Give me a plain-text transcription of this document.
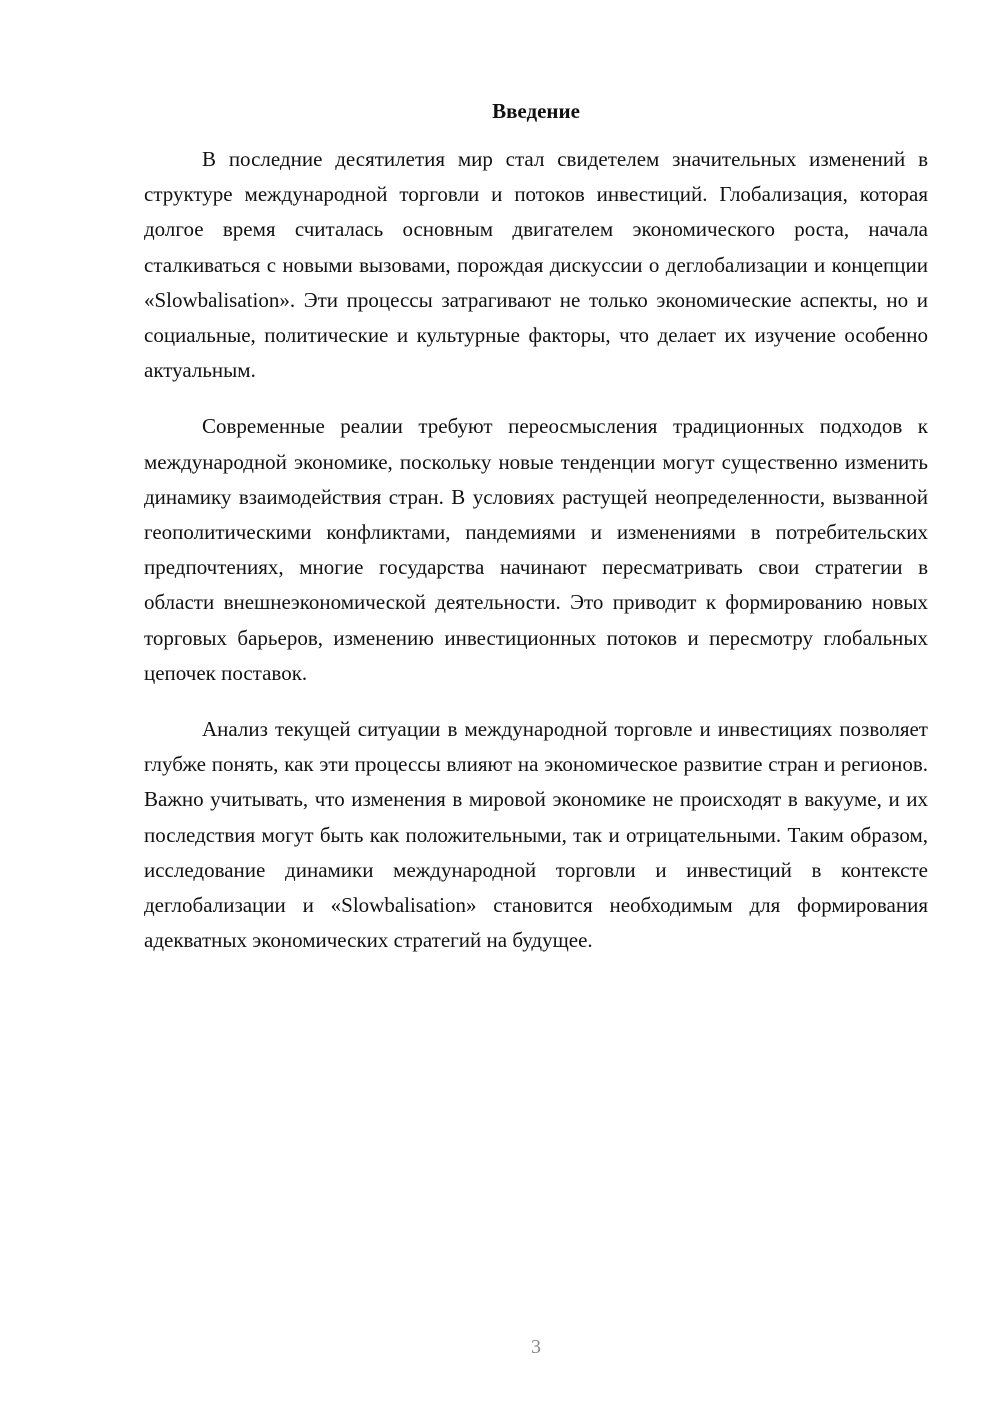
Введение

В последние десятилетия мир стал свидетелем значительных изменений в структуре международной торговли и потоков инвестиций. Глобализация, которая долгое время считалась основным двигателем экономического роста, начала сталкиваться с новыми вызовами, порождая дискуссии о деглобализации и концепции «Slowbalisation». Эти процессы затрагивают не только экономические аспекты, но и социальные, политические и культурные факторы, что делает их изучение особенно актуальным.

Современные реалии требуют переосмысления традиционных подходов к международной экономике, поскольку новые тенденции могут существенно изменить динамику взаимодействия стран. В условиях растущей неопределенности, вызванной геополитическими конфликтами, пандемиями и изменениями в потребительских предпочтениях, многие государства начинают пересматривать свои стратегии в области внешнеэкономической деятельности. Это приводит к формированию новых торговых барьеров, изменению инвестиционных потоков и пересмотру глобальных цепочек поставок.

Анализ текущей ситуации в международной торговле и инвестициях позволяет глубже понять, как эти процессы влияют на экономическое развитие стран и регионов. Важно учитывать, что изменения в мировой экономике не происходят в вакууме, и их последствия могут быть как положительными, так и отрицательными. Таким образом, исследование динамики международной торговли и инвестиций в контексте деглобализации и «Slowbalisation» становится необходимым для формирования адекватных экономических стратегий на будущее.

3
